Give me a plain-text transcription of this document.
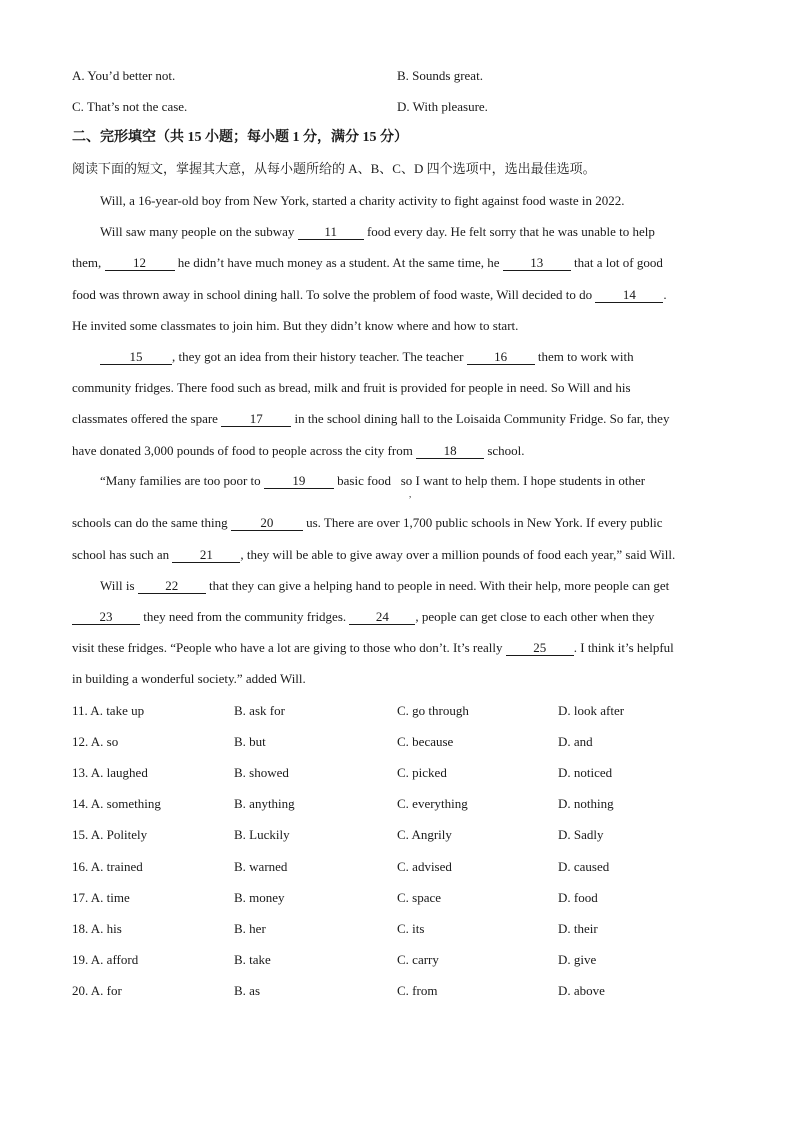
A. You’d better not.	B. Sounds great.
C. That’s not the case.	D. With pleasure.
二、完形填空（共 15 小题；每小题 1 分，满分 15 分）
阅读下面的短文，掌握其大意，从每小题所给的 A、B、C、D 四个选项中，选出最佳选项。
Will, a 16-year-old boy from New York, started a charity activity to fight against food waste in 2022.
Will saw many people on the subway 11 food every day. He felt sorry that he was unable to help
them, 12 he didn’t have much money as a student. At the same time, he 13 that a lot of good
food was thrown away in school dining hall. To solve the problem of food waste, Will decided to do 14 .
He invited some classmates to join him. But they didn’t know where and how to start.
15 , they got an idea from their history teacher. The teacher 16 them to work with
community fridges. There food such as bread, milk and fruit is provided for people in need. So Will and his
classmates offered the spare 17 in the school dining hall to the Loisaida Community Fridge. So far, they
have donated 3,000 pounds of food to people across the city from 18 school.
“Many families are too poor to 19 basic food so I want to help them. I hope students in other
,
schools can do the same thing 20 us. There are over 1,700 public schools in New York. If every public
school has such an 21 , they will be able to give away over a million pounds of food each year,” said Will.
Will is 22 that they can give a helping hand to people in need. With their help, more people can get
23 they need from the community fridges. 24 , people can get close to each other when they
visit these fridges. “People who have a lot are giving to those who don’t. It’s really 25 . I think it’s helpful
in building a wonderful society.” added Will.
11. A. take up	B. ask for	C. go through	D. look after
12. A. so	B. but	C. because	D. and
13. A. laughed	B. showed	C. picked	D. noticed
14. A. something	B. anything	C. everything	D. nothing
15. A. Politely	B. Luckily	C. Angrily	D. Sadly
16. A. trained	B. warned	C. advised	D. caused
17. A. time	B. money	C. space	D. food
18. A. his	B. her	C. its	D. their
19. A. afford	B. take	C. carry	D. give
20. A. for	B. as	C. from	D. above
